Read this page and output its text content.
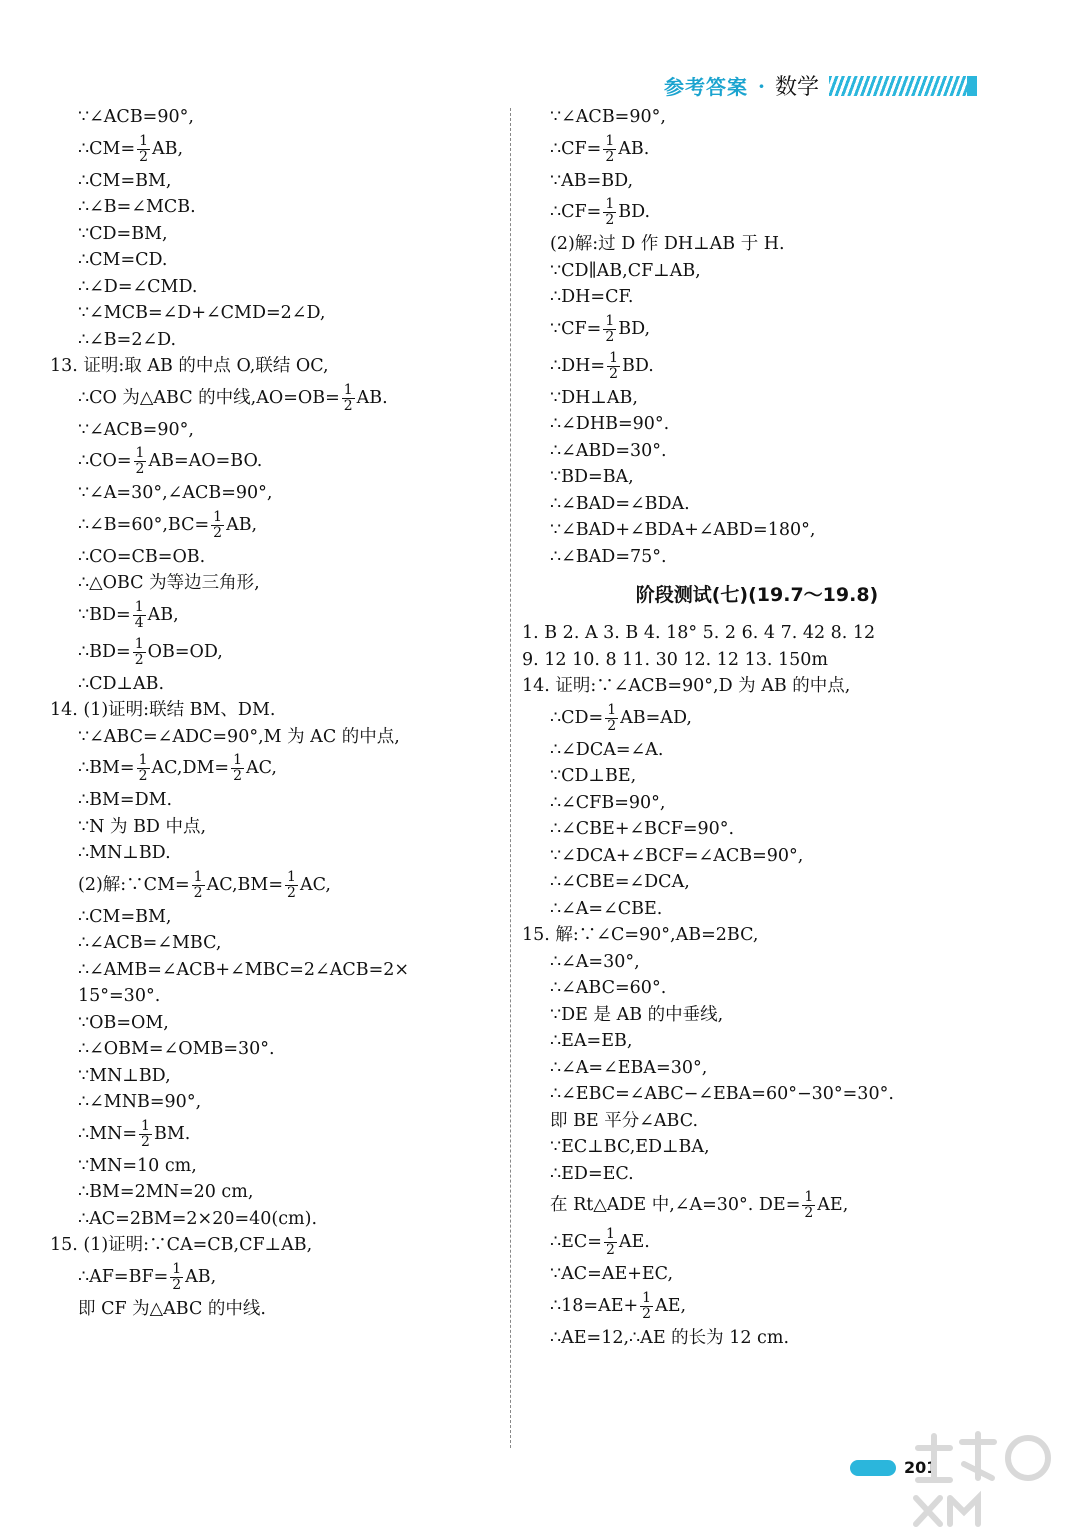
参考答案 · 数学
∵∠ACB=90°,
∴CM= $\frac{1}{2}$ AB,
∴CM=BM,
∴∠B=∠MCB.
∵CD=BM,
∴CM=CD.
∴∠D=∠CMD.
∵∠MCB=∠D+∠CMD=2∠D,
∴∠B=2∠D.
13. 证明:取 AB 的中点 O,联结 OC,
∴CO 为△ABC 的中线$,AO=OB= \frac{1}{2}$ AB.
∵∠ACB=90°,
∴CO= $\frac{1}{2} AB=AO=BO$.
∵∠A=30°,∠ACB=90°,
∴∠B=60°,BC= $\frac{1}{2}$ AB,
∴CO=CB=OB.
∴△OBC 为等边三角形,
∵BD= $\frac{1}{4}$ AB,
∴BD= $\frac{1}{2} OB=OD$,
∴CD⊥AB.
14. (1)证明:联结 BM、DM.
∵∠ABC=∠ADC=90°,M 为 AC 的中点,
∴BM= $\frac{1}{2} AC,DM= \frac{1}{2}$ AC,
∴BM=DM.
∵N 为 BD 中点,
∴MN⊥BD.
(2)解:∵CM= $\frac{1}{2} AC,BM= \frac{1}{2}$ AC,
∴CM=BM,
∴∠ACB=∠MBC,
∴∠AMB=∠ACB+∠MBC=2∠ACB=2×
15°=30°.
∵OB=OM,
∴∠OBM=∠OMB=30°.
∵MN⊥BD,
∴∠MNB=90°,
∴MN= $\frac{1}{2}$ BM.
∵MN=10 cm,
∴BM=2MN=20 cm,
∴AC=2BM=2×20=40(cm).
15. (1)证明:∵CA=CB,CF⊥AB,
∴AF=BF= $\frac{1}{2}$ AB,
即 CF 为△ABC 的中线.
∵∠ACB=90°,
∴CF= $\frac{1}{2}$ AB.
∵AB=BD,
∴CF= $\frac{1}{2}$ BD.
(2)解:过 D 作 DH⊥AB 于 H.
∵CD∥AB,CF⊥AB,
∴DH=CF.
∵CF= $\frac{1}{2}$ BD,
∴DH= $\frac{1}{2}$ BD.
∵DH⊥AB,
∴∠DHB=90°.
∴∠ABD=30°.
∵BD=BA,
∴∠BAD=∠BDA.
∵∠BAD+∠BDA+∠ABD=180°,
∴∠BAD=75°.
阶段测试(七)(19.7～19.8)
1. B 2. A 3. B 4. 18° 5. 2 6. 4 7. 42 8. 12
9. 12 10. 8 11. 30 12. 12 13. 150m
14. 证明:∵∠ACB=90°,D 为 AB 的中点,
∴CD= $\frac{1}{2} AB=AD$,
∴∠DCA=∠A.
∵CD⊥BE,
∴∠CFB=90°,
∴∠CBE+∠BCF=90°.
∵∠DCA+∠BCF=∠ACB=90°,
∴∠CBE=∠DCA,
∴∠A=∠CBE.
15. 解:∵∠C=90°,AB=2BC,
∴∠A=30°,
∴∠ABC=60°.
∵DE 是 AB 的中垂线,
∴EA=EB,
∴∠A=∠EBA=30°,
∴∠EBC=∠ABC−∠EBA=60°−30°=30°.
即 BE 平分∠ABC.
∵EC⊥BC,ED⊥BA,
∴ED=EC.
在 Rt△ADE 中,∠A=30°. $DE= \frac{1}{2}$ AE,
∴EC= $\frac{1}{2}$ AE.
∵AC=AE+EC,
∴18=AE+ $\frac{1}{2}$ AE,
∴AE=12,∴AE 的长为 12 cm.
201
